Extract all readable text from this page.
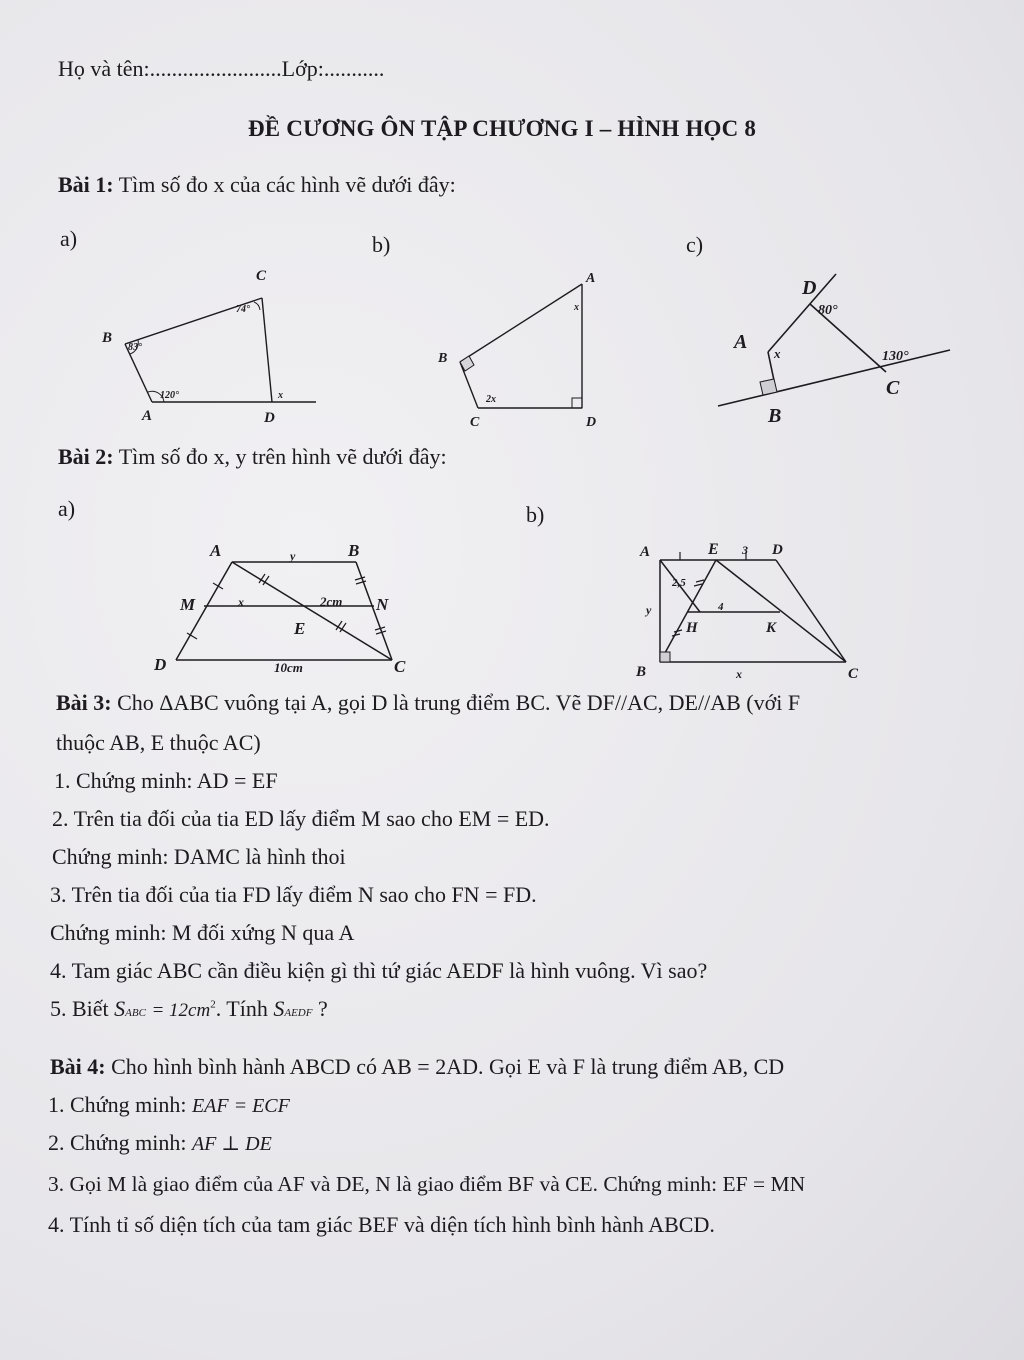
Họ và tên:........................Lớp:...........
ĐỀ CƯƠNG ÔN TẬP CHƯƠNG I – HÌNH HỌC 8
Bài 1: Tìm số đo x của các hình vẽ dưới đây:
a)	b)	c)
C
B
A	D
74°
83°
120°	x
A
B
C	D
x
2x
D
A
B
C
80°
130°
x
Bài 2: Tìm số đo x, y trên hình vẽ dưới đây:
a)	b)
A	B
M	N
E
D	C
y
x	2cm
10cm
A	E 3 D
B	C
H	K
2,5
4
y
x
Bài 3: Cho ΔABC vuông tại A, gọi D là trung điểm BC. Vẽ DF//AC, DE//AB (với F
thuộc AB, E thuộc AC)
1. Chứng minh: AD = EF
2. Trên tia đối của tia ED lấy điểm M sao cho EM = ED.
Chứng minh: DAMC là hình thoi
3. Trên tia đối của tia FD lấy điểm N sao cho FN = FD.
Chứng minh: M đối xứng N qua A
4. Tam giác ABC cần điều kiện gì thì tứ giác AEDF là hình vuông. Vì sao?
5. Biết SABC = $12cm^2$. Tính SAEDF ?
Bài 4: Cho hình bình hành ABCD có AB = 2AD. Gọi E và F là trung điểm AB, CD
1. Chứng minh: EAF = ECF
2. Chứng minh: AF ⊥ DE
3. Gọi M là giao điểm của AF và DE, N là giao điểm BF và CE. Chứng minh: EF = MN
4. Tính tỉ số diện tích của tam giác BEF và diện tích hình bình hành ABCD.
